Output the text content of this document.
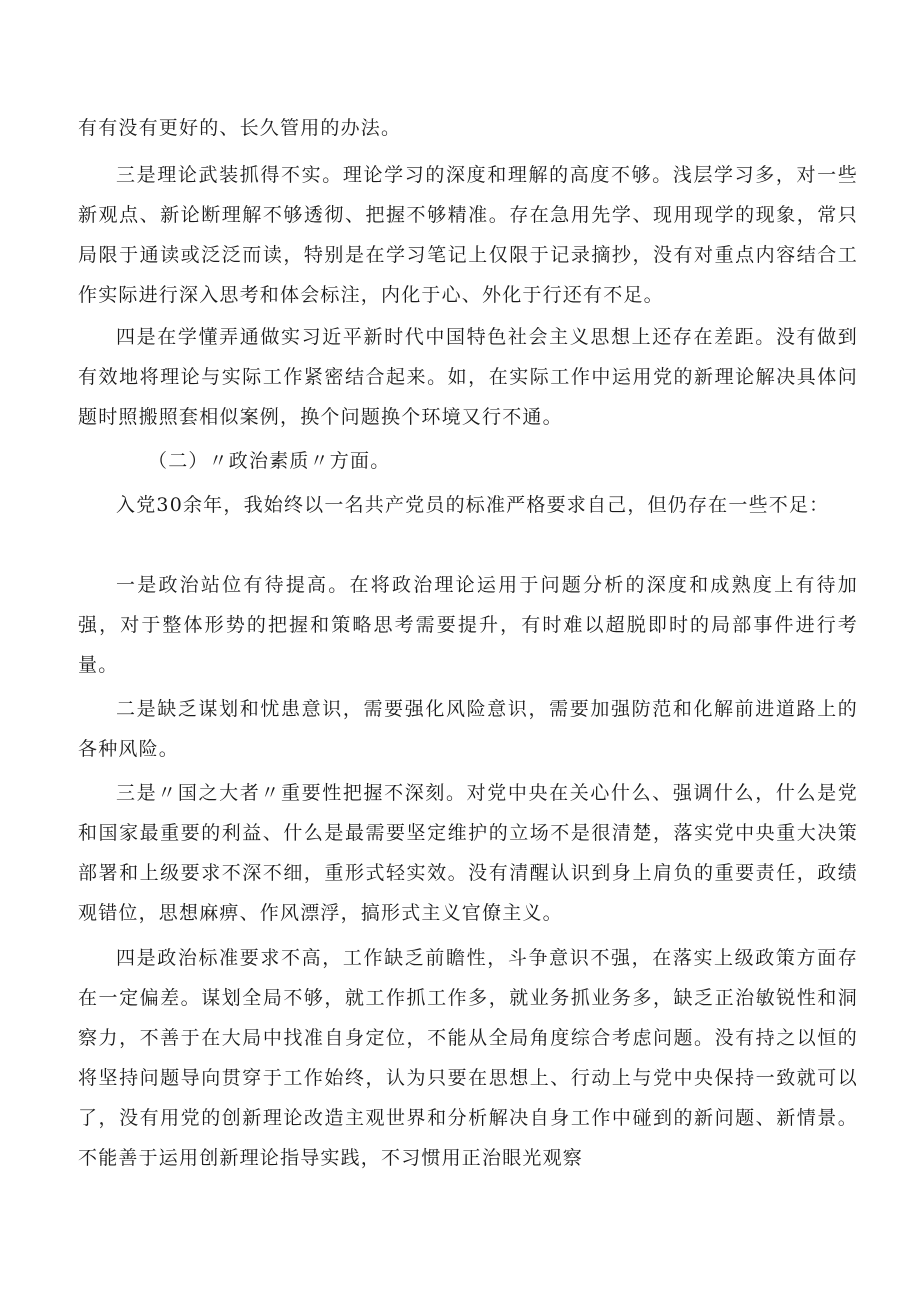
有有没有更好的、长久管用的办法。

三是理论武装抓得不实。理论学习的深度和理解的高度不够。浅层学习多，对一些新观点、新论断理解不够透彻、把握不够精准。存在急用先学、现用现学的现象，常只局限于通读或泛泛而读，特别是在学习笔记上仅限于记录摘抄，没有对重点内容结合工作实际进行深入思考和体会标注，内化于心、外化于行还有不足。

四是在学懂弄通做实习近平新时代中国特色社会主义思想上还存在差距。没有做到有效地将理论与实际工作紧密结合起来。如，在实际工作中运用党的新理论解决具体问题时照搬照套相似案例，换个问题换个环境又行不通。

（二）〃政治素质〃方面。

入党30余年，我始终以一名共产党员的标准严格要求自己，但仍存在一些不足：

一是政治站位有待提高。在将政治理论运用于问题分析的深度和成熟度上有待加强，对于整体形势的把握和策略思考需要提升，有时难以超脱即时的局部事件进行考量。

二是缺乏谋划和忧患意识，需要强化风险意识，需要加强防范和化解前进道路上的各种风险。

三是〃国之大者〃重要性把握不深刻。对党中央在关心什么、强调什么，什么是党和国家最重要的利益、什么是最需要坚定维护的立场不是很清楚，落实党中央重大决策部署和上级要求不深不细，重形式轻实效。没有清醒认识到身上肩负的重要责任，政绩观错位，思想麻痹、作风漂浮，搞形式主义官僚主义。

四是政治标准要求不高，工作缺乏前瞻性，斗争意识不强，在落实上级政策方面存在一定偏差。谋划全局不够，就工作抓工作多，就业务抓业务多，缺乏正治敏锐性和洞察力，不善于在大局中找准自身定位，不能从全局角度综合考虑问题。没有持之以恒的将坚持问题导向贯穿于工作始终，认为只要在思想上、行动上与党中央保持一致就可以了，没有用党的创新理论改造主观世界和分析解决自身工作中碰到的新问题、新情景。不能善于运用创新理论指导实践，不习惯用正治眼光观察
